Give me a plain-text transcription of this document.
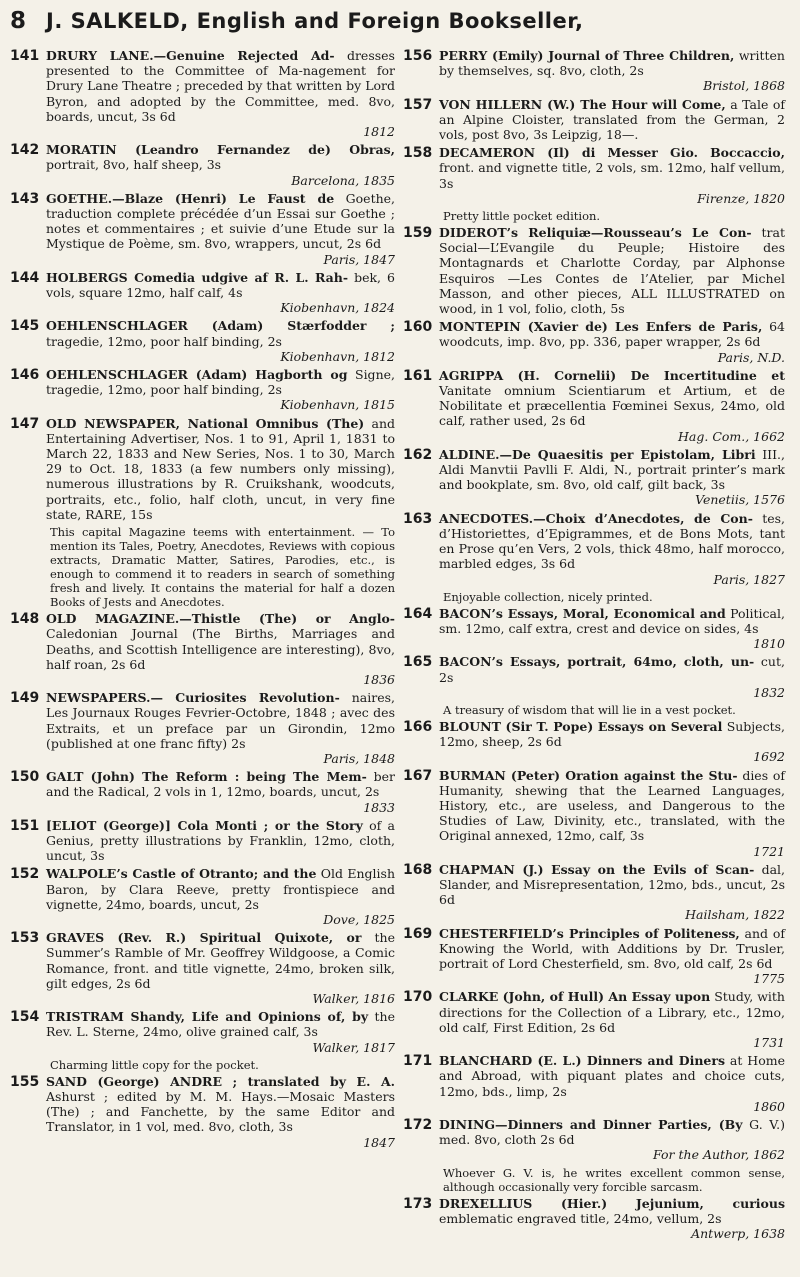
8 J. SALKELD, English and Foreign Bookseller,
141 DRURY LANE.—Genuine Rejected Ad- dresses presented to the Committee of Ma-nagement for Drury Lane Theatre ; preceded by that written by Lord Byron, and adopted by the Committee, med. 8vo, boards, uncut, 3s 6d
1812
142 MORATIN (Leandro Fernandez de) Obras, portrait, 8vo, half sheep, 3s
Barcelona, 1835
143 GOETHE.—Blaze (Henri) Le Faust de Goethe, traduction complete précédée d’un Essai sur Goethe ; notes et commentaires ; et suivie d’une Etude sur la Mystique de Poème, sm. 8vo, wrappers, uncut, 2s 6d
Paris, 1847
144 HOLBERGS Comedia udgive af R. L. Rah- bek, 6 vols, square 12mo, half calf, 4s
Kiobenhavn, 1824
145 OEHLENSCHLAGER (Adam) Stærfodder ; tragedie, 12mo, poor half binding, 2s
Kiobenhavn, 1812
146 OEHLENSCHLAGER (Adam) Hagborth og Signe, tragedie, 12mo, poor half binding, 2s
Kiobenhavn, 1815
147 OLD NEWSPAPER, National Omnibus (The) and Entertaining Advertiser, Nos. 1 to 91, April 1, 1831 to March 22, 1833 and New Series, Nos. 1 to 30, March 29 to Oct. 18, 1833 (a few numbers only missing), numerous illustrations by R. Cruikshank, woodcuts, portraits, etc., folio, half cloth, uncut, in very fine state, RARE, 15s
This capital Magazine teems with entertainment. — To mention its Tales, Poetry, Anecdotes, Reviews with copious extracts, Dramatic Matter, Satires, Parodies, etc., is enough to commend it to readers in search of something fresh and lively. It contains the material for half a dozen Books of Jests and Anecdotes.
148 OLD MAGAZINE.—Thistle (The) or Anglo- Caledonian Journal (The Births, Marriages and Deaths, and Scottish Intelligence are interesting), 8vo, half roan, 2s 6d
1836
149 NEWSPAPERS.— Curiosites Revolution- naires, Les Journaux Rouges Fevrier-Octobre, 1848 ; avec des Extraits, et un preface par un Girondin, 12mo (published at one franc fifty) 2s
Paris, 1848
150 GALT (John) The Reform : being The Mem- ber and the Radical, 2 vols in 1, 12mo, boards, uncut, 2s
1833
151 [ELIOT (George)] Cola Monti ; or the Story of a Genius, pretty illustrations by Franklin, 12mo, cloth, uncut, 3s
152 WALPOLE’s Castle of Otranto; and the Old English Baron, by Clara Reeve, pretty frontispiece and vignette, 24mo, boards, uncut, 2s
Dove, 1825
153 GRAVES (Rev. R.) Spiritual Quixote, or the Summer’s Ramble of Mr. Geoffrey Wildgoose, a Comic Romance, front. and title vignette, 24mo, broken silk, gilt edges, 2s 6d
Walker, 1816
154 TRISTRAM Shandy, Life and Opinions of, by the Rev. L. Sterne, 24mo, olive grained calf, 3s
Walker, 1817
Charming little copy for the pocket.
155 SAND (George) ANDRE ; translated by E. A. Ashurst ; edited by M. M. Hays.—Mosaic Masters (The) ; and Fanchette, by the same Editor and Translator, in 1 vol, med. 8vo, cloth, 3s
1847
156 PERRY (Emily) Journal of Three Children, written by themselves, sq. 8vo, cloth, 2s
Bristol, 1868
157 VON HILLERN (W.) The Hour will Come, a Tale of an Alpine Cloister, translated from the German, 2 vols, post 8vo, 3s Leipzig, 18—.
158 DECAMERON (Il) di Messer Gio. Boccaccio, front. and vignette title, 2 vols, sm. 12mo, half vellum, 3s
Firenze, 1820
Pretty little pocket edition.
159 DIDEROT’s Reliquiæ—Rousseau’s Le Con- trat Social—L’Evangile du Peuple; Histoire des Montagnards et Charlotte Corday, par Alphonse Esquiros —Les Contes de l’Atelier, par Michel Masson, and other pieces, ALL ILLUSTRATED on wood, in 1 vol, folio, cloth, 5s
160 MONTEPIN (Xavier de) Les Enfers de Paris, 64 woodcuts, imp. 8vo, pp. 336, paper wrapper, 2s 6d
Paris, N.D.
161 AGRIPPA (H. Cornelii) De Incertitudine et Vanitate omnium Scientiarum et Artium, et de Nobilitate et præcellentia Fœminei Sexus, 24mo, old calf, rather used, 2s 6d
Hag. Com., 1662
162 ALDINE.—De Quaesitis per Epistolam, Libri III., Aldi Manvtii Pavlli F. Aldi, N., portrait printer’s mark and bookplate, sm. 8vo, old calf, gilt back, 3s
Venetiis, 1576
163 ANECDOTES.—Choix d’Anecdotes, de Con- tes, d’Historiettes, d’Epigrammes, et de Bons Mots, tant en Prose qu’en Vers, 2 vols, thick 48mo, half morocco, marbled edges, 3s 6d
Paris, 1827
Enjoyable collection, nicely printed.
164 BACON’s Essays, Moral, Economical and Political, sm. 12mo, calf extra, crest and device on sides, 4s
1810
165 BACON’s Essays, portrait, 64mo, cloth, un- cut, 2s
1832
A treasury of wisdom that will lie in a vest pocket.
166 BLOUNT (Sir T. Pope) Essays on Several Subjects, 12mo, sheep, 2s 6d
1692
167 BURMAN (Peter) Oration against the Stu- dies of Humanity, shewing that the Learned Languages, History, etc., are useless, and Dangerous to the Studies of Law, Divinity, etc., translated, with the Original annexed, 12mo, calf, 3s
1721
168 CHAPMAN (J.) Essay on the Evils of Scan- dal, Slander, and Misrepresentation, 12mo, bds., uncut, 2s 6d
Hailsham, 1822
169 CHESTERFIELD’s Principles of Politeness, and of Knowing the World, with Additions by Dr. Trusler, portrait of Lord Chesterfield, sm. 8vo, old calf, 2s 6d
1775
170 CLARKE (John, of Hull) An Essay upon Study, with directions for the Collection of a Library, etc., 12mo, old calf, First Edition, 2s 6d
1731
171 BLANCHARD (E. L.) Dinners and Diners at Home and Abroad, with piquant plates and choice cuts, 12mo, bds., limp, 2s
1860
172 DINING—Dinners and Dinner Parties, (By G. V.) med. 8vo, cloth 2s 6d
For the Author, 1862
Whoever G. V. is, he writes excellent common sense, although occasionally very forcible sarcasm.
173 DREXELLIUS (Hier.) Jejunium, curious emblematic engraved title, 24mo, vellum, 2s
Antwerp, 1638
